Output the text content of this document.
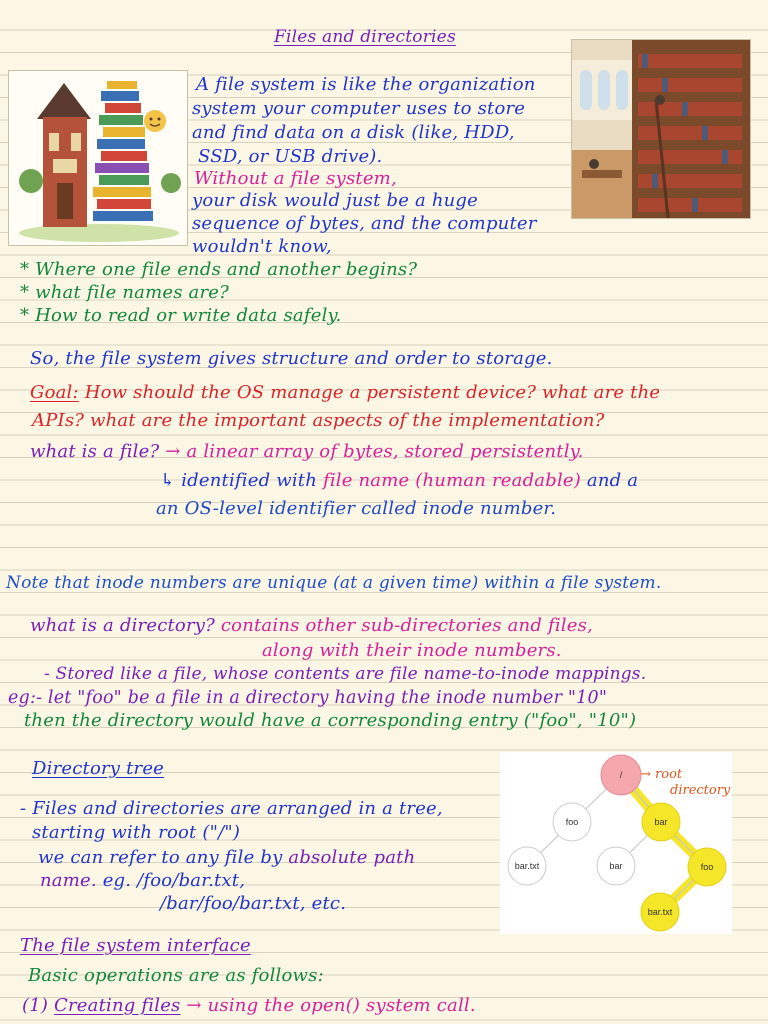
Files and directories
A file system is like the organization
system your computer uses to store
and find data on a disk (like, HDD,
SSD, or USB drive).
Without a file system,
your disk would just be a huge
sequence of bytes, and the computer
wouldn't know,
* Where one file ends and another begins?
* what file names are?
* How to read or write data safely.
So, the file system gives structure and order to storage.
Goal: How should the OS manage a persistent device? what are the
APIs? what are the important aspects of the implementation?
what is a file? → a linear array of bytes, stored persistently.
↳ identified with file name (human readable) and a
an OS-level identifier called inode number.
Note that inode numbers are unique (at a given time) within a file system.
what is a directory? contains other sub-directories and files,
along with their inode numbers.
- Stored like a file, whose contents are file name-to-inode mappings.
eg:- let "foo" be a file in a directory having the inode number "10"
then the directory would have a corresponding entry ("foo", "10")
Directory tree
- Files and directories are arranged in a tree,
starting with root ("/")
we can refer to any file by absolute path
name. eg. /foo/bar.txt,
/bar/foo/bar.txt, etc.
/
foo	bar
bar.txt	bar	foo
bar.txt
→ root
directory
The file system interface
Basic operations are as follows:
(1) Creating files → using the open() system call.
